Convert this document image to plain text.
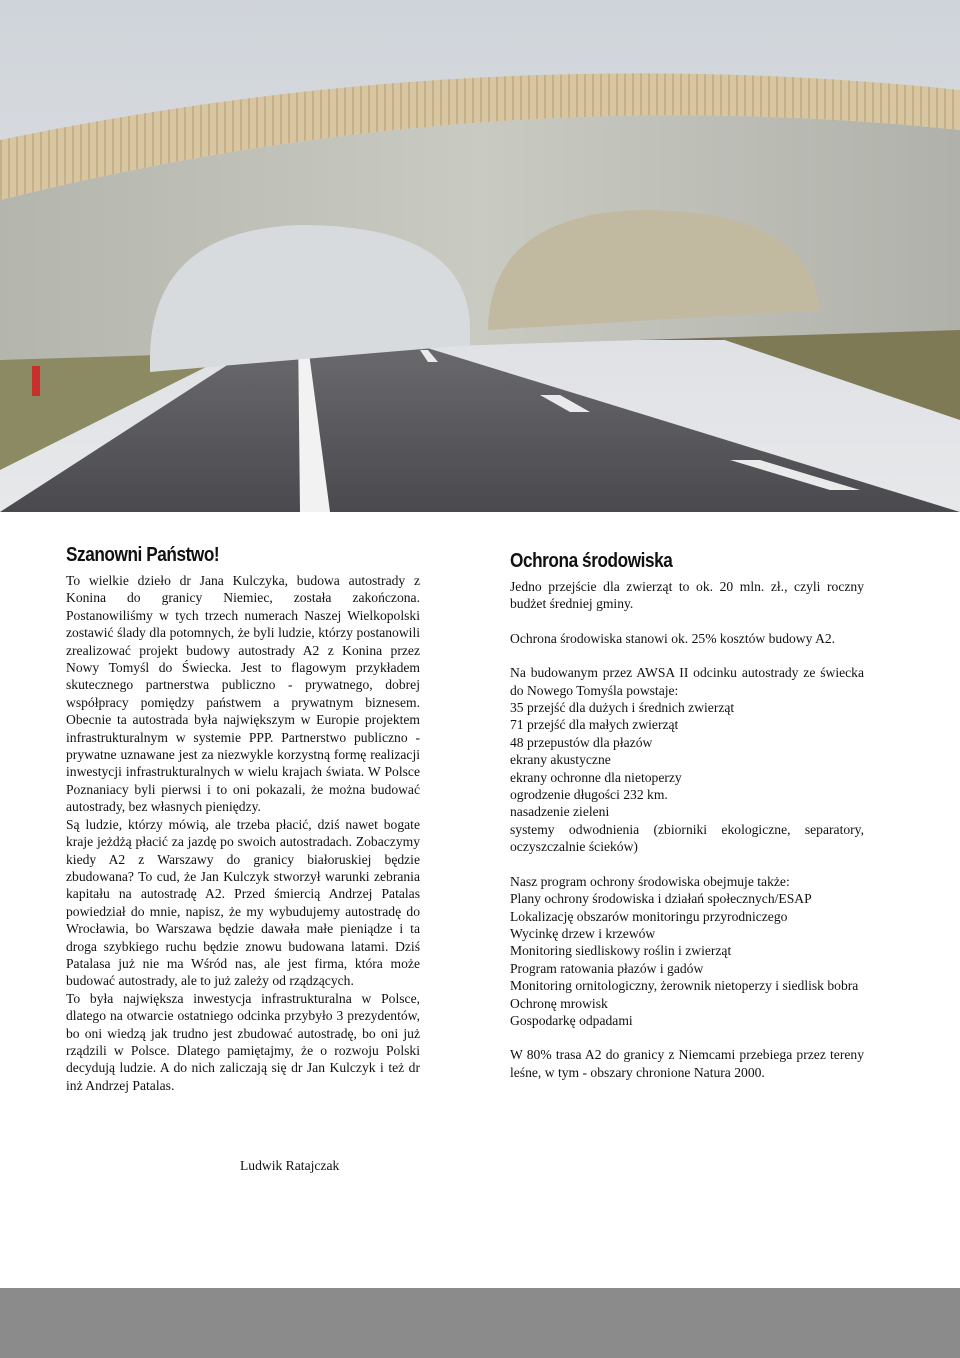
Szanowni Państwo!

To wielkie dzieło dr Jana Kulczyka, budowa autostrady z Konina do granicy Niemiec, została zakończona. Postanowiliśmy w tych trzech numerach Naszej Wielkopolski zostawić ślady dla potomnych, że byli ludzie, którzy postanowili zrealizować projekt budowy autostrady A2 z Konina przez Nowy Tomyśl do Świecka. Jest to flagowym przykładem skutecznego partnerstwa publiczno - prywatnego, dobrej współpracy pomiędzy państwem a prywatnym biznesem. Obecnie ta autostrada była największym w Europie projektem infrastrukturalnym w systemie PPP. Partnerstwo publiczno - prywatne uznawane jest za niezwykle korzystną formę realizacji inwestycji infrastrukturalnych w wielu krajach świata. W Polsce Poznaniacy byli pierwsi i to oni pokazali, że można budować autostrady, bez własnych pieniędzy.

Są ludzie, którzy mówią, ale trzeba płacić, dziś nawet bogate kraje jeżdżą płacić za jazdę po swoich autostradach. Zobaczymy kiedy A2 z Warszawy do granicy białoruskiej będzie zbudowana? To cud, że Jan Kulczyk stworzył warunki zebrania kapitału na autostradę A2. Przed śmiercią Andrzej Patalas powiedział do mnie, napisz, że my wybudujemy autostradę do Wrocławia, bo Warszawa będzie dawała małe pieniądze i ta droga szybkiego ruchu będzie znowu budowana latami. Dziś Patalasa już nie ma Wśród nas, ale jest firma, która może budować autostrady, ale to już zależy od rządzących.

To była największa inwestycja infrastrukturalna w Polsce, dlatego na otwarcie ostatniego odcinka przybyło 3 prezydentów, bo oni wiedzą jak trudno jest zbudować autostradę, bo oni już rządzili w Polsce. Dlatego pamiętajmy, że o rozwoju Polski decydują ludzie. A do nich zaliczają się dr Jan Kulczyk i też dr inż Andrzej Patalas.

Ludwik Ratajczak
Ochrona środowiska

Jedno przejście dla zwierząt to ok. 20 mln. zł., czyli roczny budżet średniej gminy.

Ochrona środowiska stanowi ok. 25% kosztów budowy A2.

Na budowanym przez AWSA II odcinku autostrady ze świecka do Nowego Tomyśla powstaje:

35 przejść dla dużych i średnich zwierząt

71 przejść dla małych zwierząt

48 przepustów dla płazów

ekrany akustyczne

ekrany ochronne dla nietoperzy

ogrodzenie długości 232 km.

nasadzenie zieleni

systemy odwodnienia (zbiorniki ekologiczne, separatory, oczyszczalnie ścieków)

Nasz program ochrony środowiska obejmuje także:

Plany ochrony środowiska i działań społecznych/ESAP

Lokalizację obszarów monitoringu przyrodniczego

Wycinkę drzew i krzewów

Monitoring siedliskowy roślin i zwierząt

Program ratowania płazów i gadów

Monitoring ornitologiczny, żerownik nietoperzy i siedlisk bobra

Ochronę mrowisk

Gospodarkę odpadami

W 80% trasa A2 do granicy z Niemcami przebiega przez tereny leśne, w tym - obszary chronione Natura 2000.
